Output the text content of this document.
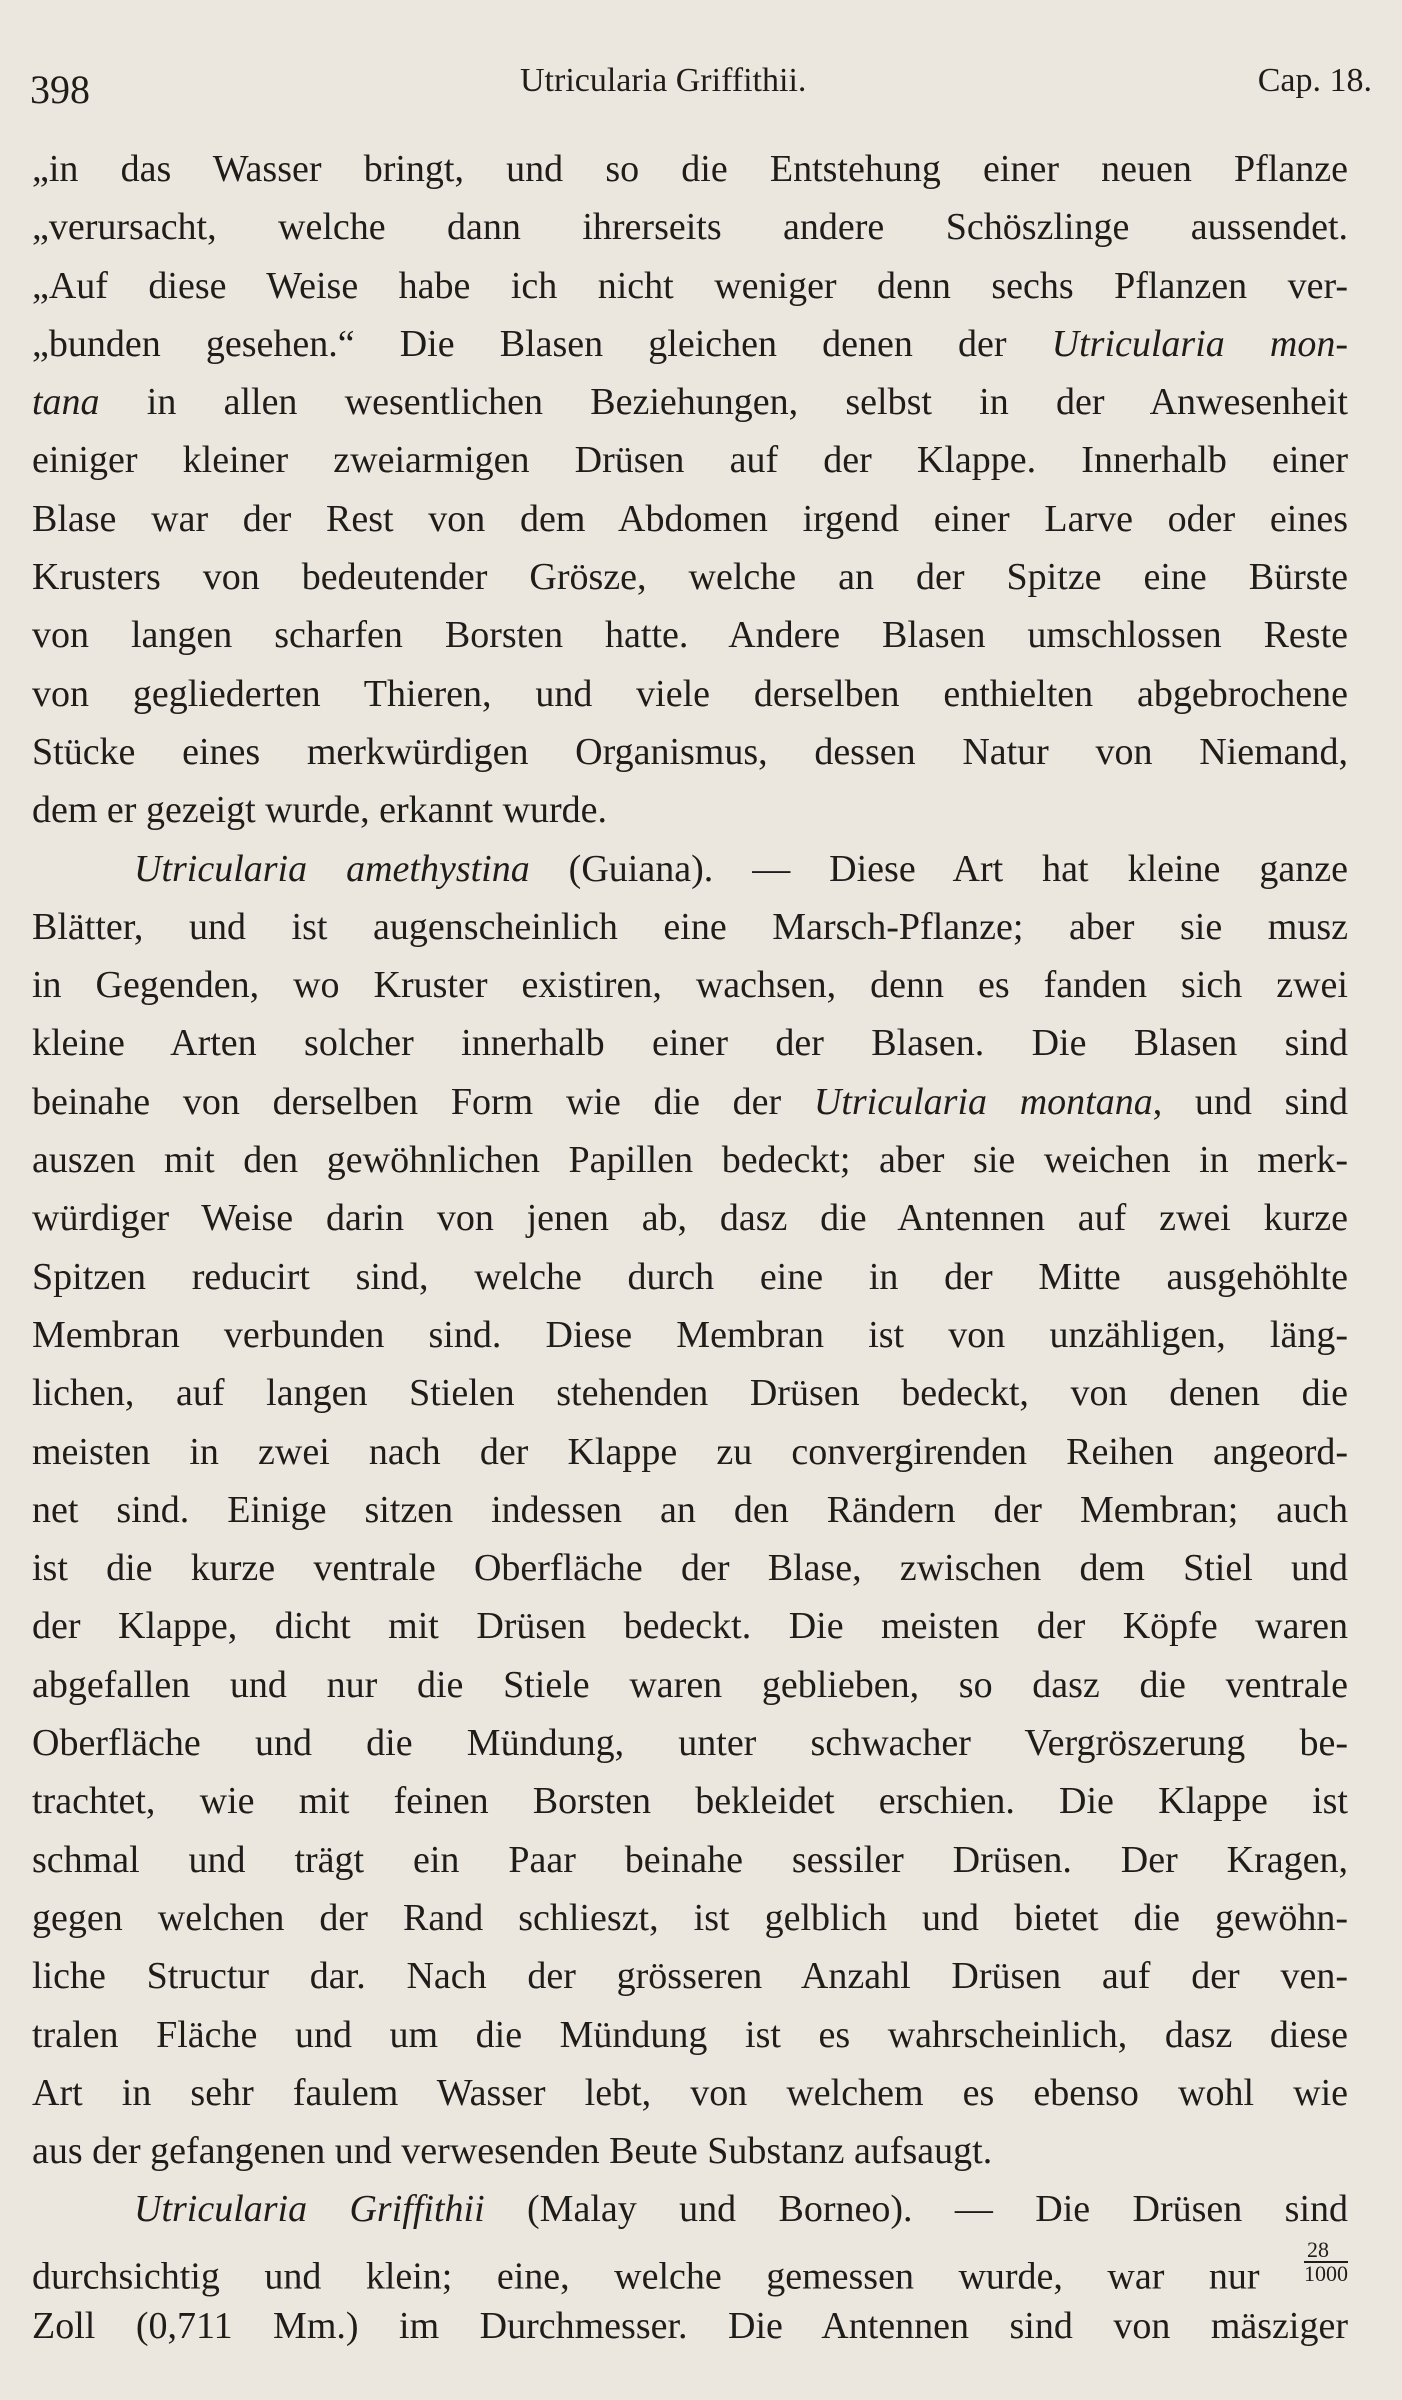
398	Utricularia Griffithii.	Cap. 18.
„in das Wasser bringt, und so die Entstehung einer neuen Pflanze
„verursacht, welche dann ihrerseits andere Schöszlinge aussendet.
„Auf diese Weise habe ich nicht weniger denn sechs Pflanzen ver-
„bunden gesehen.“ Die Blasen gleichen denen der Utricularia mon-
tana in allen wesentlichen Beziehungen, selbst in der Anwesenheit
einiger kleiner zweiarmigen Drüsen auf der Klappe. Innerhalb einer
Blase war der Rest von dem Abdomen irgend einer Larve oder eines
Krusters von bedeutender Grösze, welche an der Spitze eine Bürste
von langen scharfen Borsten hatte. Andere Blasen umschlossen Reste
von gegliederten Thieren, und viele derselben enthielten abgebrochene
Stücke eines merkwürdigen Organismus, dessen Natur von Niemand,
dem er gezeigt wurde, erkannt wurde.
Utricularia amethystina (Guiana). — Diese Art hat kleine ganze
Blätter, und ist augenscheinlich eine Marsch-Pflanze; aber sie musz
in Gegenden, wo Kruster existiren, wachsen, denn es fanden sich zwei
kleine Arten solcher innerhalb einer der Blasen. Die Blasen sind
beinahe von derselben Form wie die der Utricularia montana, und sind
auszen mit den gewöhnlichen Papillen bedeckt; aber sie weichen in merk-
würdiger Weise darin von jenen ab, dasz die Antennen auf zwei kurze
Spitzen reducirt sind, welche durch eine in der Mitte ausgehöhlte
Membran verbunden sind. Diese Membran ist von unzähligen, läng-
lichen, auf langen Stielen stehenden Drüsen bedeckt, von denen die
meisten in zwei nach der Klappe zu convergirenden Reihen angeord-
net sind. Einige sitzen indessen an den Rändern der Membran; auch
ist die kurze ventrale Oberfläche der Blase, zwischen dem Stiel und
der Klappe, dicht mit Drüsen bedeckt. Die meisten der Köpfe waren
abgefallen und nur die Stiele waren geblieben, so dasz die ventrale
Oberfläche und die Mündung, unter schwacher Vergröszerung be-
trachtet, wie mit feinen Borsten bekleidet erschien. Die Klappe ist
schmal und trägt ein Paar beinahe sessiler Drüsen. Der Kragen,
gegen welchen der Rand schlieszt, ist gelblich und bietet die gewöhn-
liche Structur dar. Nach der grösseren Anzahl Drüsen auf der ven-
tralen Fläche und um die Mündung ist es wahrscheinlich, dasz diese
Art in sehr faulem Wasser lebt, von welchem es ebenso wohl wie
aus der gefangenen und verwesenden Beute Substanz aufsaugt.
Utricularia Griffithii (Malay und Borneo). — Die Drüsen sind
durchsichtig und klein; eine, welche gemessen wurde, war nur $\frac{28}{1000}$
Zoll (0,711 Mm.) im Durchmesser. Die Antennen sind von mäsziger
